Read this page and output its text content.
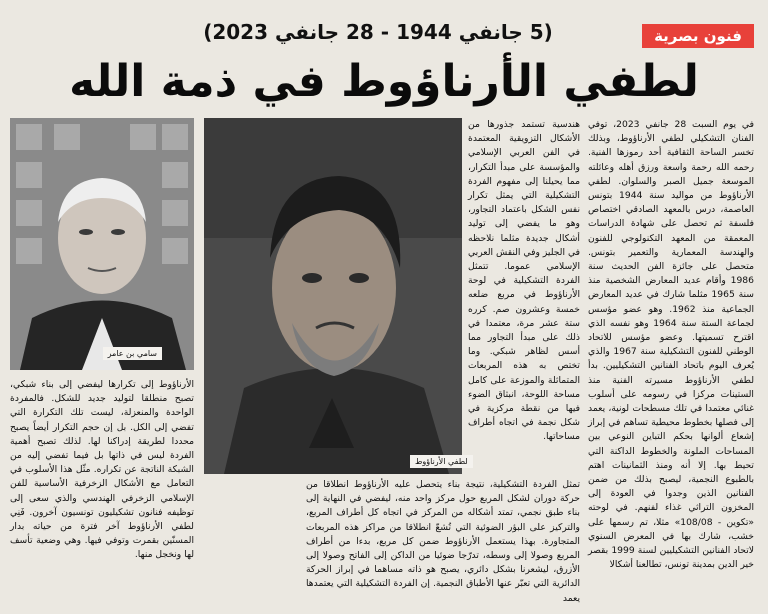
فنون بصرية
(5 جانفي 1944 - 28 جانفي 2023)
لطفي الأرناؤوط في ذمة الله

في يوم السبت 28 جانفي 2023، توفي الفنان التشكيلي لطفي الأرناؤوط، وبذلك تخسر الساحة الثقافية أحد رموزها الفنية. رحمه الله رحمة واسعة ورزق أهله وعائلته الموسعة جميل الصبر والسلوان. لطفي الأرناؤوط من مواليد سنة 1944 بتونس العاصمة، درس بالمعهد الصادقي اختصاص فلسفة ثم تحصل على شهادة الدراسات المعمقة من المعهد التكنولوجي للفنون والهندسة المعمارية والتعمير بتونس. متحصل على جائزة الفن الحديث سنة 1986 وأقام عديد المعارض الشخصية منذ سنة 1965 مثلما شارك في عديد المعارض الجماعية منذ 1962. وهو عضو مؤسس لجماعة الستة سنة 1964 وهو نفسه الذي اقترح تسميتها. وعضو مؤسس للاتحاد الوطني للفنون التشكيلية سنة 1967 والذي يُعرف اليوم باتحاد الفنانين التشكيليين. بدأ لطفي الأرناؤوط مسيرته الفنية منذ الستينات مركزا في رسومه على أسلوب غنائي معتمدا في تلك مسطحات لونية، يعمد إلى فصلها بخطوط محيطية تساهم في إبراز إشعاع ألوانها بحكم التباين النوعي بين المساحات الملونة والخطوط الداكنة التي تحيط بها. إلا أنه ومنذ الثمانينات اهتم بالطبوع النجمية، ليصبح بذلك من ضمن الفنانين الذين وجدوا في العودة إلى المخزون التراثي غذاء لفنهم. في لوحته «تكوين - 108/08» مثلا، تم رسمها على خشب، شارك بها في المعرض السنوي لاتحاد الفنانين التشكيليين لسنة 1999 بقصر خير الدين بمدينة تونس، تطالعنا أشكالا

هندسية تستمد جذورها من الأشكال التزويقية المعتمدة في الفن العربي الإسلامي والمؤسسة على مبدأ التكرار، مما يحيلنا إلى مفهوم الفردة التشكيلية التي يمثل تكرار نفس الشكل باعتماد التجاور، وهو ما يفضي إلى توليد أشكال جديدة مثلما نلاحظه في الجليز وفي النقش العربي الإسلامي عموما. تتمثل الفردة التشكيلية في لوحة الأرناؤوط في مربع ضلعه خمسة وعشرون صم. كرره ستة عشر مرة، معتمدا في ذلك على مبدأ التجاور مما أسس لظاهر شبكي. وما تختص به هذه المربعات المتماثلة والموزعة على كامل مساحة اللوحة، انبثاق الضوء فيها من نقطة مركزية في شكل نجمة في اتجاه أطراف مساحاتها.

لطفي الأرناؤوط
سامي بن عامر

تمثل الفردة التشكيلية، نتيجة بناء يتحصل عليه الأرناؤوط انطلاقا من حركة دوران لشكل المربع حول مركز واحد منه، ليفضي في النهاية إلى بناء طبق نجمي، تمتد أشكاله من المركز في اتجاه كل أطراف المربع، والتركيز على البؤر الضوئية التي تُشعّ انطلاقا من مراكز هذه المربعات المتجاورة. بهذا يستعمل الأرناؤوط ضمن كل مربع، بدءا من أطراف المربع وصولا إلى وسطه، تدرّجا ضوئيا من الداكن إلى الفاتح وصولا إلى الأزرق، ليشعرنا بشكل دائري، يصبح هو ذاته مساهما في إبراز الحركة الدائرية التي تعبّر عنها الأطباق النجمية. إن الفردة التشكيلية التي يعتمدها يعمد

الأرناؤوط إلى تكرارها ليفضي إلى بناء شبكي، تصبح منطلقا لتوليد جديد للشكل. فالمفردة الواحدة والمنعزلة، ليست تلك التكرارة التي تفضي إلى الكل. بل إن حجم التكرار أيضاً يصبح محددا لطريقة إدراكنا لها. لذلك تصبح أهمية الفردة ليس في ذاتها بل فيما تفضي إليه من الشبكة الناتجة عن تكراره. مثّل هذا الأسلوب في التعامل مع الأشكال الزخرفية الأساسية للفن الإسلامي الزخرفي الهندسي والذي سعى إلى توظيفه فنانون تشكيليون تونسيون آخرون. فَنِي لطفي الأرناؤوط آخر فترة من حياته بدار المسنّين بقمرت وتوفي فيها. وهي وضعية تأسف لها ونخجل منها.
